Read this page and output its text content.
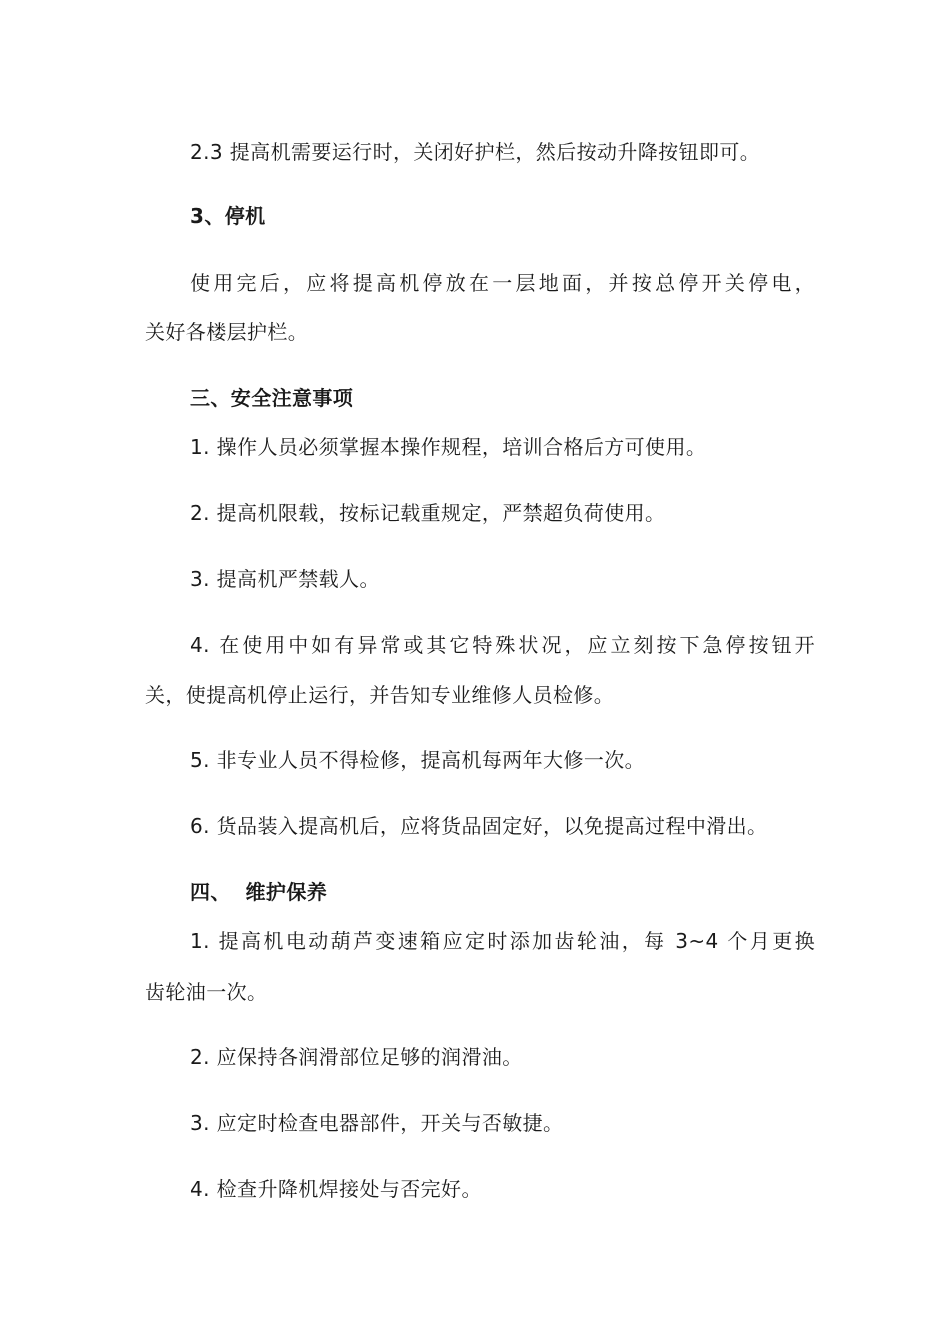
2.3 提高机需要运行时，关闭好护栏，然后按动升降按钮即可。
3、停机
使用完后，应将提高机停放在一层地面，并按总停开关停电，
关好各楼层护栏。
三、安全注意事项
1. 操作人员必须掌握本操作规程，培训合格后方可使用。
2. 提高机限载，按标记载重规定，严禁超负荷使用。
3. 提高机严禁载人。
4. 在使用中如有异常或其它特殊状况，应立刻按下急停按钮开
关，使提高机停止运行，并告知专业维修人员检修。
5. 非专业人员不得检修，提高机每两年大修一次。
6. 货品装入提高机后，应将货品固定好，以免提高过程中滑出。
四、  维护保养
1. 提高机电动葫芦变速箱应定时添加齿轮油，每 3~4 个月更换
齿轮油一次。
2. 应保持各润滑部位足够的润滑油。
3. 应定时检查电器部件，开关与否敏捷。
4. 检查升降机焊接处与否完好。
